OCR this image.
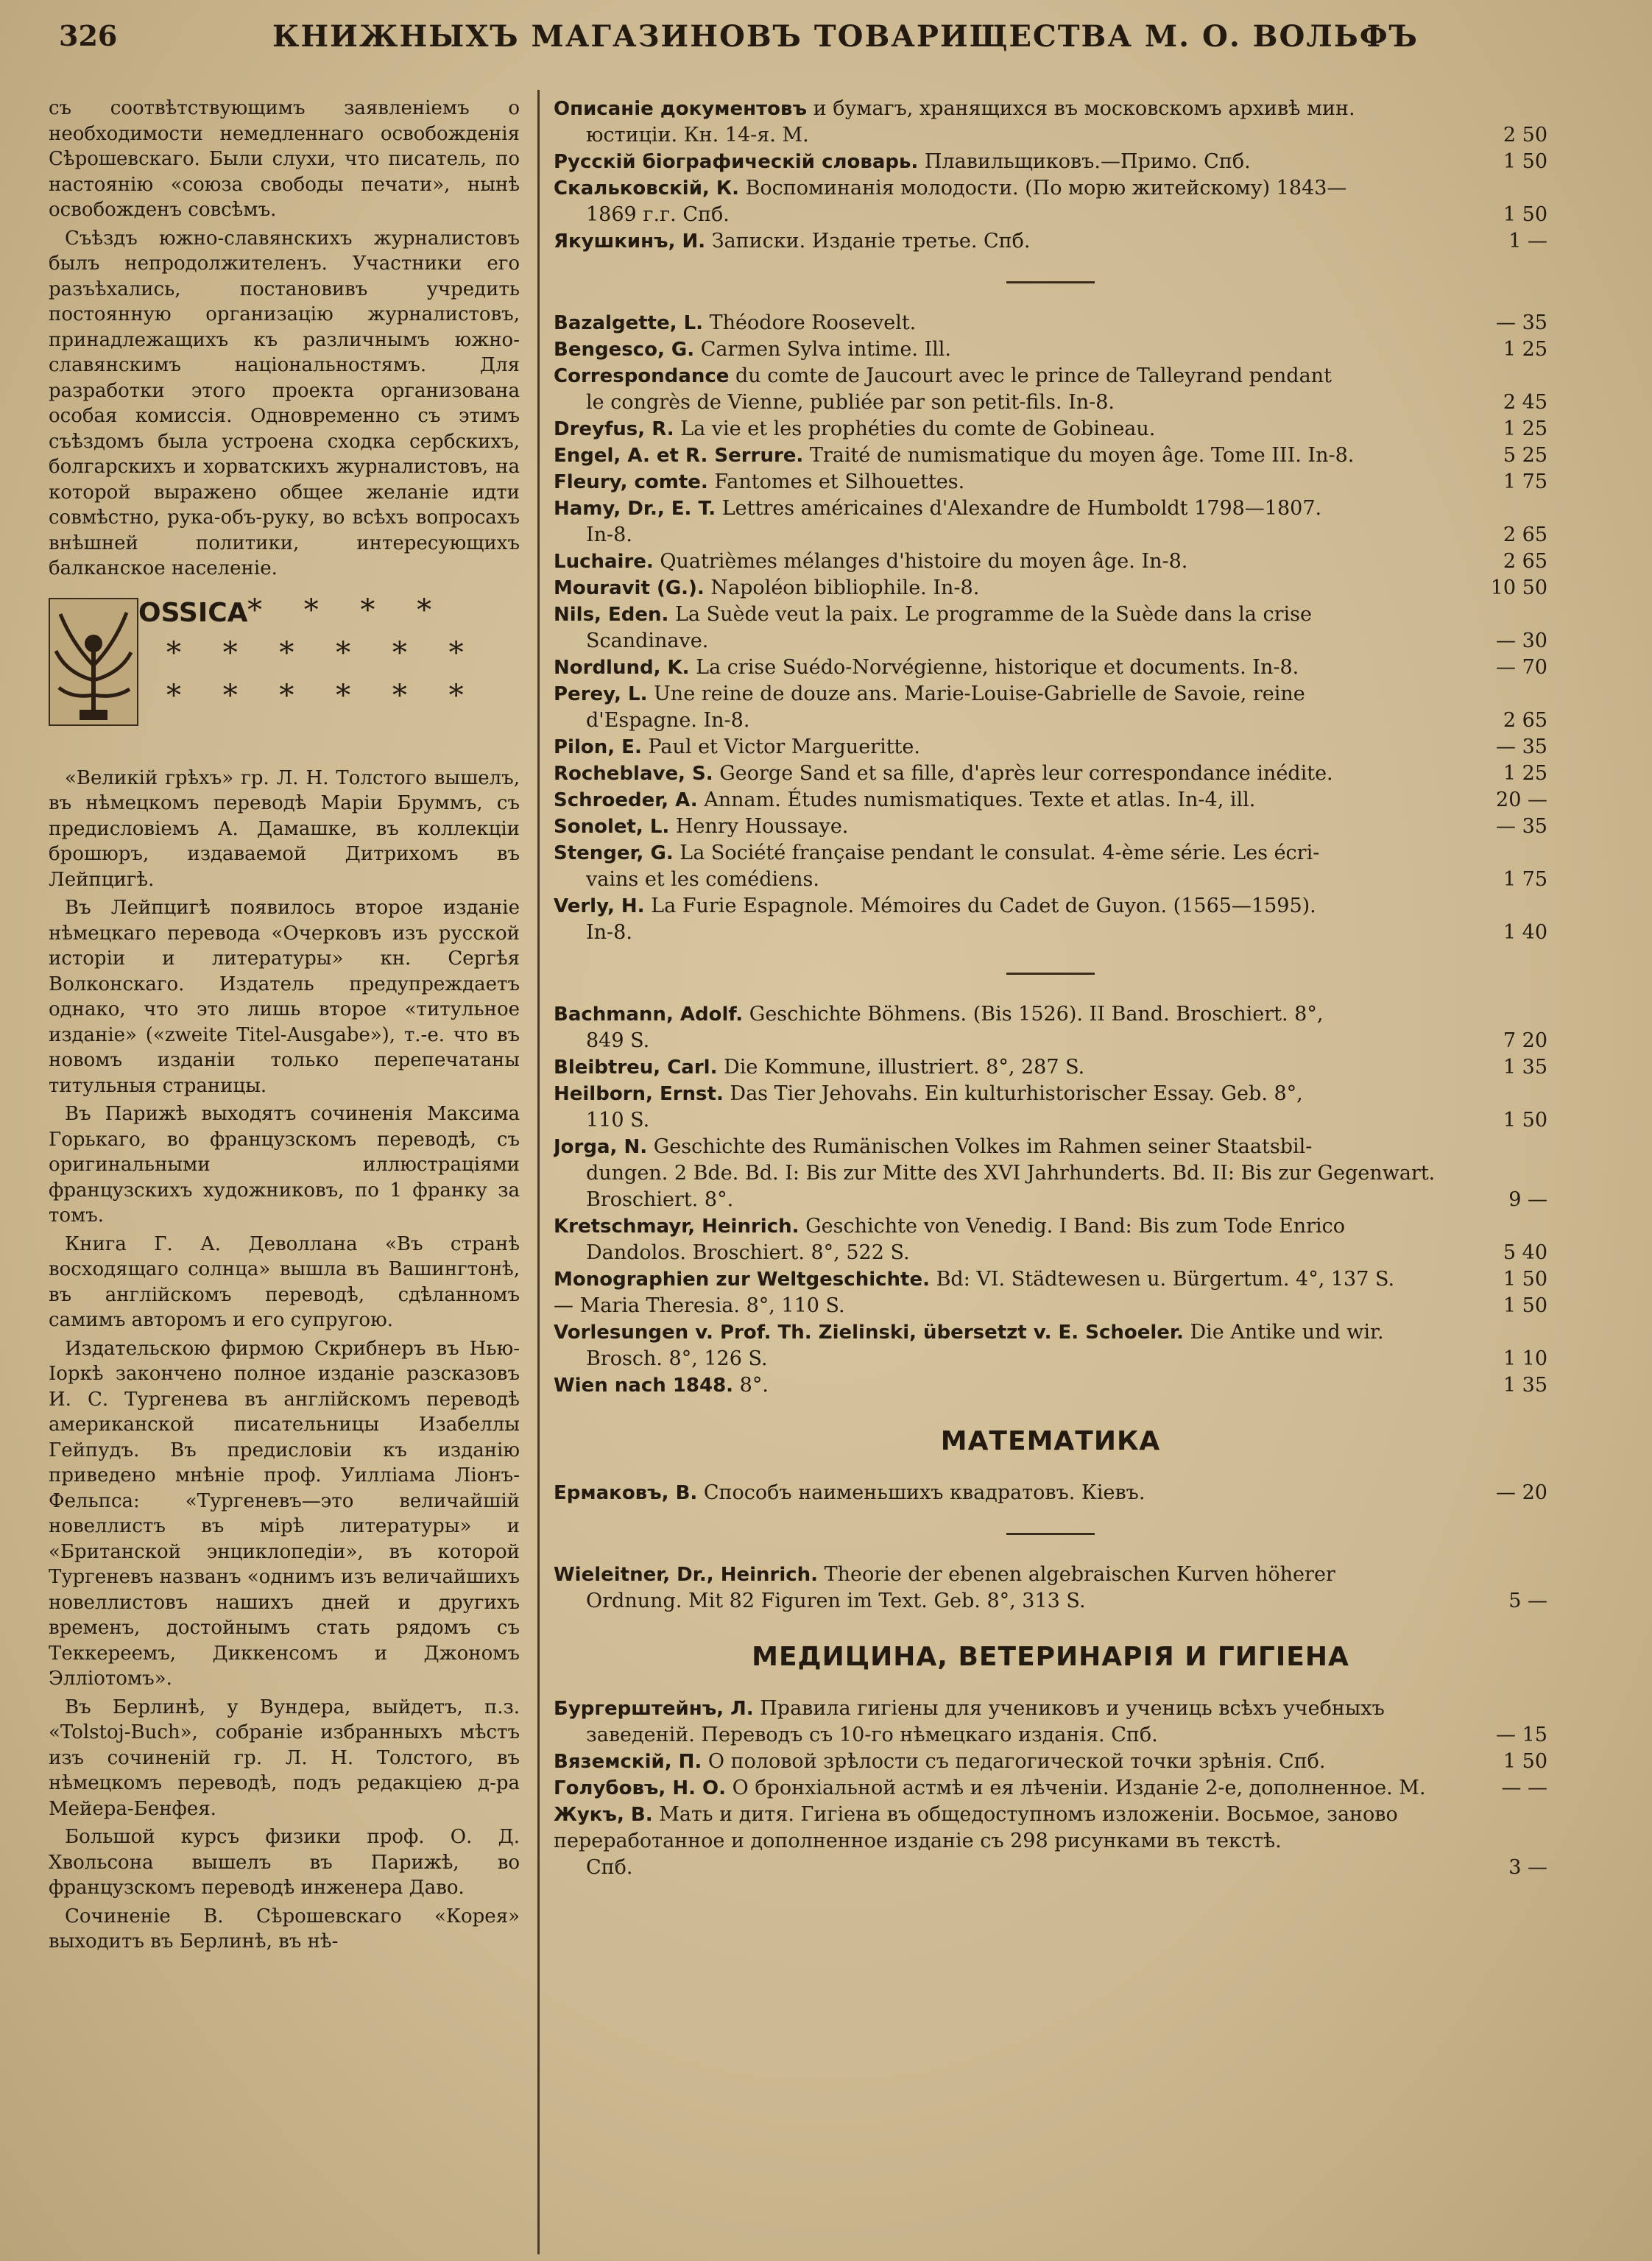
326	КНИЖНЫХЪ МАГАЗИНОВЪ ТОВАРИЩЕСТВА М. О. ВОЛЬФЪ

съ соотвѣтствующимъ заявленіемъ о необходимости немедленнаго освобожденія Сѣрошевскаго. Были слухи, что писатель, по настоянію «союза свободы печати», нынѣ освобожденъ совсѣмъ.

Съѣздъ южно-славянскихъ журналистовъ былъ непродолжителенъ. Участники его разъѣхались, постановивъ учредить постоянную организацію журналистовъ, принадлежащихъ къ различнымъ южно-славянскимъ національностямъ. Для разработки этого проекта организована особая комиссія. Одновременно съ этимъ съѣздомъ была устроена сходка сербскихъ, болгарскихъ и хорватскихъ журналистовъ, на которой выражено общее желаніе идти совмѣстно, рука-объ-руку, во всѣхъ вопросахъ внѣшней политики, интересующихъ балканское населеніе.

OSSICA * * * *
* * * * * *
* * * * * *

«Великій грѣхъ» гр. Л. Н. Толстого вышелъ, въ нѣмецкомъ переводѣ Маріи Бруммъ, съ предисловіемъ А. Дамашке, въ коллекціи брошюръ, издаваемой Дитрихомъ въ Лейпцигѣ.

Въ Лейпцигѣ появилось второе изданіе нѣмецкаго перевода «Очерковъ изъ русской исторіи и литературы» кн. Сергѣя Волконскаго. Издатель предупреждаетъ однако, что это лишь второе «титульное изданіе» («zweite Titel-Ausgabe»), т.-е. что въ новомъ изданіи только перепечатаны титульныя страницы.

Въ Парижѣ выходятъ сочиненія Максима Горькаго, во французскомъ переводѣ, съ оригинальными иллюстраціями французскихъ художниковъ, по 1 франку за томъ.

Книга Г. А. Деволлана «Въ странѣ восходящаго солнца» вышла въ Вашингтонѣ, въ англійскомъ переводѣ, сдѣланномъ самимъ авторомъ и его супругою.

Издательскою фирмою Скрибнеръ въ Нью-Іоркѣ закончено полное изданіе разсказовъ И. С. Тургенева въ англійскомъ переводѣ американской писательницы Изабеллы Гейпудъ. Въ предисловіи къ изданію приведено мнѣніе проф. Уилліама Ліонъ-Фельпса: «Тургеневъ—это величайшій новеллистъ въ мірѣ литературы» и «Британской энциклопедіи», въ которой Тургеневъ названъ «однимъ изъ величайшихъ новеллистовъ нашихъ дней и другихъ временъ, достойнымъ стать рядомъ съ Теккереемъ, Диккенсомъ и Джономъ Элліотомъ».

Въ Берлинѣ, у Вундера, выйдетъ, п.з. «Tolstoj-Buch», собраніе избранныхъ мѣстъ изъ сочиненій гр. Л. Н. Толстого, въ нѣмецкомъ переводѣ, подъ редакціею д-ра Мейера-Бенфея.

Большой курсъ физики проф. О. Д. Хвольсона вышелъ въ Парижѣ, во французскомъ переводѣ инженера Даво.

Сочиненіе В. Сѣрошевскаго «Корея» выходитъ въ Берлинѣ, въ нѣ-

Описаніе документовъ и бумагъ, хранящихся въ московскомъ архивѣ мин.
юстиціи. Кн. 14-я. М.	2 50
Русскій біографическій словарь. Плавильщиковъ.—Примо. Спб.	1 50
Скальковскій, К. Воспоминанія молодости. (По морю житейскому) 1843—
1869 г.г. Спб.	1 50
Якушкинъ, И. Записки. Изданіе третье. Спб.	1 —
Bazalgette, L. Théodore Roosevelt.	— 35
Bengesco, G. Carmen Sylva intime. Ill.	1 25
Correspondance du comte de Jaucourt avec le prince de Talleyrand pendant
le congrès de Vienne, publiée par son petit-fils. In-8.	2 45
Dreyfus, R. La vie et les prophéties du comte de Gobineau.	1 25
Engel, A. et R. Serrure. Traité de numismatique du moyen âge. Tome III. In-8.	5 25
Fleury, comte. Fantomes et Silhouettes.	1 75
Hamy, Dr., E. T. Lettres américaines d'Alexandre de Humboldt 1798—1807.
In-8.	2 65
Luchaire. Quatrièmes mélanges d'histoire du moyen âge. In-8.	2 65
Mouravit (G.). Napoléon bibliophile. In-8.	10 50
Nils, Eden. La Suède veut la paix. Le programme de la Suède dans la crise
Scandinave.	— 30
Nordlund, K. La crise Suédo-Norvégienne, historique et documents. In-8.	— 70
Perey, L. Une reine de douze ans. Marie-Louise-Gabrielle de Savoie, reine
d'Espagne. In-8.	2 65
Pilon, E. Paul et Victor Margueritte.	— 35
Rocheblave, S. George Sand et sa fille, d'après leur correspondance inédite.	1 25
Schroeder, A. Annam. Études numismatiques. Texte et atlas. In-4, ill.	20 —
Sonolet, L. Henry Houssaye.	— 35
Stenger, G. La Société française pendant le consulat. 4-ème série. Les écri-
vains et les comédiens.	1 75
Verly, H. La Furie Espagnole. Mémoires du Cadet de Guyon. (1565—1595).
In-8.	1 40
Bachmann, Adolf. Geschichte Böhmens. (Bis 1526). II Band. Broschiert. 8°,
849 S.	7 20
Bleibtreu, Carl. Die Kommune, illustriert. 8°, 287 S.	1 35
Heilborn, Ernst. Das Tier Jehovahs. Ein kulturhistorischer Essay. Geb. 8°,
110 S.	1 50
Jorga, N. Geschichte des Rumänischen Volkes im Rahmen seiner Staatsbil-
dungen. 2 Bde. Bd. I: Bis zur Mitte des XVI Jahrhunderts. Bd. II: Bis zur Gegenwart. Broschiert. 8°.	9 —
Kretschmayr, Heinrich. Geschichte von Venedig. I Band: Bis zum Tode Enrico
Dandolos. Broschiert. 8°, 522 S.	5 40
Monographien zur Weltgeschichte. Bd: VI. Städtewesen u. Bürgertum. 4°, 137 S.	1 50
— Maria Theresia. 8°, 110 S.	1 50
Vorlesungen v. Prof. Th. Zielinski, übersetzt v. E. Schoeler. Die Antike und wir.
Brosch. 8°, 126 S.	1 10
Wien nach 1848. 8°.	1 35
МАТЕМАТИКА
Ермаковъ, В. Способъ наименьшихъ квадратовъ. Кіевъ.	— 20
Wieleitner, Dr., Heinrich. Theorie der ebenen algebraischen Kurven höherer
Ordnung. Mit 82 Figuren im Text. Geb. 8°, 313 S.	5 —
МЕДИЦИНА, ВЕТЕРИНАРІЯ И ГИГІЕНА
Бургерштейнъ, Л. Правила гигіены для учениковъ и учениць всѣхъ учебныхъ
заведеній. Переводъ съ 10-го нѣмецкаго изданія. Спб.	— 15
Вяземскій, П. О половой зрѣлости съ педагогической точки зрѣнія. Спб.	1 50
Голубовъ, Н. О. О бронхіальной астмѣ и ея лѣченіи. Изданіе 2-е, дополненное. М.	— —
Жукъ, В. Мать и дитя. Гигіена въ общедоступномъ изложеніи. Восьмое, заново переработанное и дополненное изданіе съ 298 рисунками въ текстѣ.
Спб.	3 —
